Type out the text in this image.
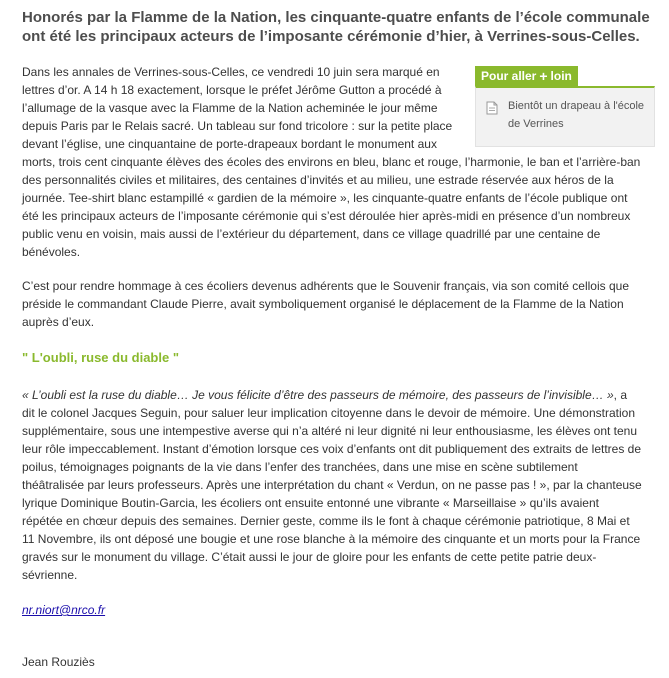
Honorés par la Flamme de la Nation, les cinquante-quatre enfants de l’école communale ont été les principaux acteurs de l’imposante cérémonie d’hier, à Verrines-sous-Celles.
Pour aller + loin
Bientôt un drapeau à l'école de Verrines

Dans les annales de Verrines-sous-Celles, ce vendredi 10 juin sera marqué en lettres d’or. A 14 h 18 exactement, lorsque le préfet Jérôme Gutton a procédé à l’allumage de la vasque avec la Flamme de la Nation acheminée le jour même depuis Paris par le Relais sacré. Un tableau sur fond tricolore : sur la petite place devant l’église, une cinquantaine de porte-drapeaux bordant le monument aux
morts, trois cent cinquante élèves des écoles des environs en bleu, blanc et rouge, l’harmonie, le ban et l’arrière-ban des personnalités civiles et militaires, des centaines d’invités et au milieu, une estrade réservée aux héros de la journée. Tee-shirt blanc estampillé « gardien de la mémoire », les cinquante-quatre enfants de l’école publique ont été les principaux acteurs de l’imposante cérémonie qui s’est déroulée hier après-midi en présence d’un nombreux public venu en voisin, mais aussi de l’extérieur du département, dans ce village quadrillé par une centaine de bénévoles.

C’est pour rendre hommage à ces écoliers devenus adhérents que le Souvenir français, via son comité cellois que préside le commandant Claude Pierre, avait symboliquement organisé le déplacement de la Flamme de la Nation auprès d’eux.

" L'oubli, ruse du diable "

« L’oubli est la ruse du diable… Je vous félicite d’être des passeurs de mémoire, des passeurs de l’invisible… », a dit le colonel Jacques Seguin, pour saluer leur implication citoyenne dans le devoir de mémoire. Une démonstration supplémentaire, sous une intempestive averse qui n’a altéré ni leur dignité ni leur enthousiasme, les élèves ont tenu leur rôle impeccablement. Instant d’émotion lorsque ces voix d’enfants ont dit publiquement des extraits de lettres de poilus, témoignages poignants de la vie dans l’enfer des tranchées, dans une mise en scène subtilement théâtralisée par leurs professeurs. Après une interprétation du chant « Verdun, on ne passe pas ! », par la chanteuse lyrique Dominique Boutin-Garcia, les écoliers ont ensuite entonné une vibrante « Marseillaise » qu’ils avaient répétée en chœur depuis des semaines. Dernier geste, comme ils le font à chaque cérémonie patriotique, 8 Mai et 11 Novembre, ils ont déposé une bougie et une rose blanche à la mémoire des cinquante et un morts pour la France gravés sur le monument du village. C’était aussi le jour de gloire pour les enfants de cette petite patrie deux-sévrienne.

nr.niort@nrco.fr
Jean Rouziès
